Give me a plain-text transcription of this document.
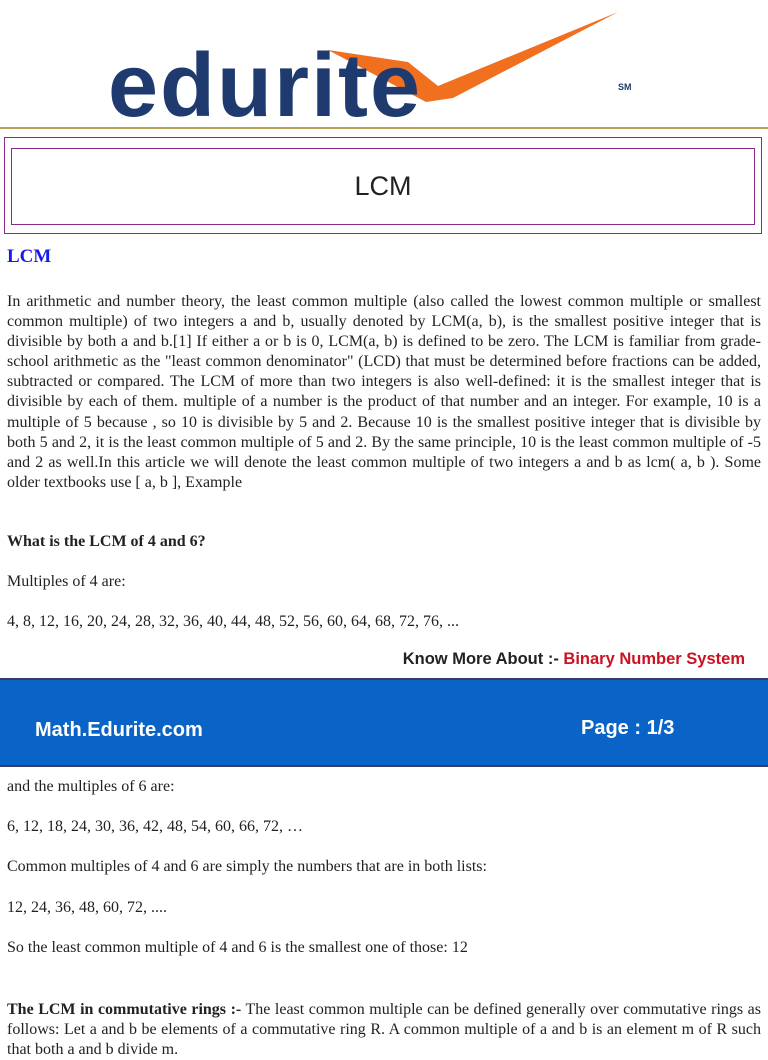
edurite	SM
LCM
LCM
In arithmetic and number theory, the least common multiple (also called the lowest common multiple or smallest common multiple) of two integers a and b, usually denoted by LCM(a, b), is the smallest positive integer that is divisible by both a and b.[1] If either a or b is 0, LCM(a, b) is defined to be zero. The LCM is familiar from grade-school arithmetic as the "least common denominator" (LCD) that must be determined before fractions can be added, subtracted or compared. The LCM of more than two integers is also well-defined: it is the smallest integer that is divisible by each of them. multiple of a number is the product of that number and an integer. For example, 10 is a multiple of 5 because , so 10 is divisible by 5 and 2. Because 10 is the smallest positive integer that is divisible by both 5 and 2, it is the least common multiple of 5 and 2. By the same principle, 10 is the least common multiple of -5 and 2 as well.In this article we will denote the least common multiple of two integers a and b as lcm( a, b ). Some older textbooks use [ a, b ], Example
What is the LCM of 4 and 6?
Multiples of 4 are:
4, 8, 12, 16, 20, 24, 28, 32, 36, 40, 44, 48, 52, 56, 60, 64, 68, 72, 76, ...
Know More About :- Binary Number System
Math.Edurite.com	Page : 1/3
and the multiples of 6 are:
6, 12, 18, 24, 30, 36, 42, 48, 54, 60, 66, 72, …
Common multiples of 4 and 6 are simply the numbers that are in both lists:
12, 24, 36, 48, 60, 72, ....
So the least common multiple of 4 and 6 is the smallest one of those: 12
The LCM in commutative rings :- The least common multiple can be defined generally over commutative rings as follows: Let a and b be elements of a commutative ring R. A common multiple of a and b is an element m of R such that both a and b divide m.
